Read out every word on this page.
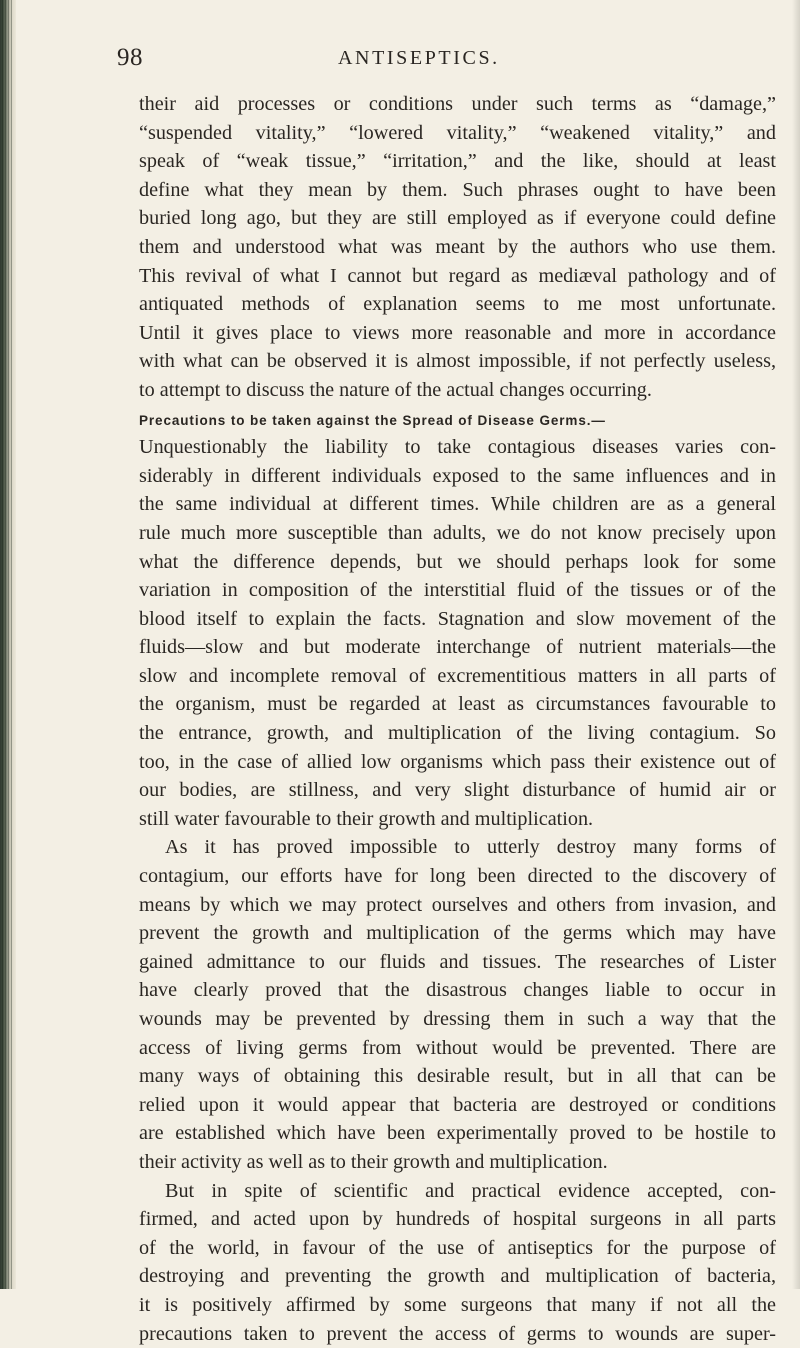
98	ANTISEPTICS.
their aid processes or conditions under such terms as “damage,”
“suspended vitality,” “lowered vitality,” “weakened vitality,” and
speak of “weak tissue,” “irritation,” and the like, should at least
define what they mean by them. Such phrases ought to have been
buried long ago, but they are still employed as if everyone could define
them and understood what was meant by the authors who use them.
This revival of what I cannot but regard as mediæval pathology and of
antiquated methods of explanation seems to me most unfortunate.
Until it gives place to views more reasonable and more in accordance
with what can be observed it is almost impossible, if not perfectly useless,
to attempt to discuss the nature of the actual changes occurring.
Precautions to be taken against the Spread of Disease Germs.—
Unquestionably the liability to take contagious diseases varies con-
siderably in different individuals exposed to the same influences and in
the same individual at different times. While children are as a general
rule much more susceptible than adults, we do not know precisely upon
what the difference depends, but we should perhaps look for some
variation in composition of the interstitial fluid of the tissues or of the
blood itself to explain the facts. Stagnation and slow movement of the
fluids—slow and but moderate interchange of nutrient materials—the
slow and incomplete removal of excrementitious matters in all parts of
the organism, must be regarded at least as circumstances favourable to
the entrance, growth, and multiplication of the living contagium. So
too, in the case of allied low organisms which pass their existence out of
our bodies, are stillness, and very slight disturbance of humid air or
still water favourable to their growth and multiplication.
As it has proved impossible to utterly destroy many forms of
contagium, our efforts have for long been directed to the discovery of
means by which we may protect ourselves and others from invasion, and
prevent the growth and multiplication of the germs which may have
gained admittance to our fluids and tissues. The researches of Lister
have clearly proved that the disastrous changes liable to occur in
wounds may be prevented by dressing them in such a way that the
access of living germs from without would be prevented. There are
many ways of obtaining this desirable result, but in all that can be
relied upon it would appear that bacteria are destroyed or conditions
are established which have been experimentally proved to be hostile to
their activity as well as to their growth and multiplication.
But in spite of scientific and practical evidence accepted, con-
firmed, and acted upon by hundreds of hospital surgeons in all parts
of the world, in favour of the use of antiseptics for the purpose of
destroying and preventing the growth and multiplication of bacteria,
it is positively affirmed by some surgeons that many if not all the
precautions taken to prevent the access of germs to wounds are super-
